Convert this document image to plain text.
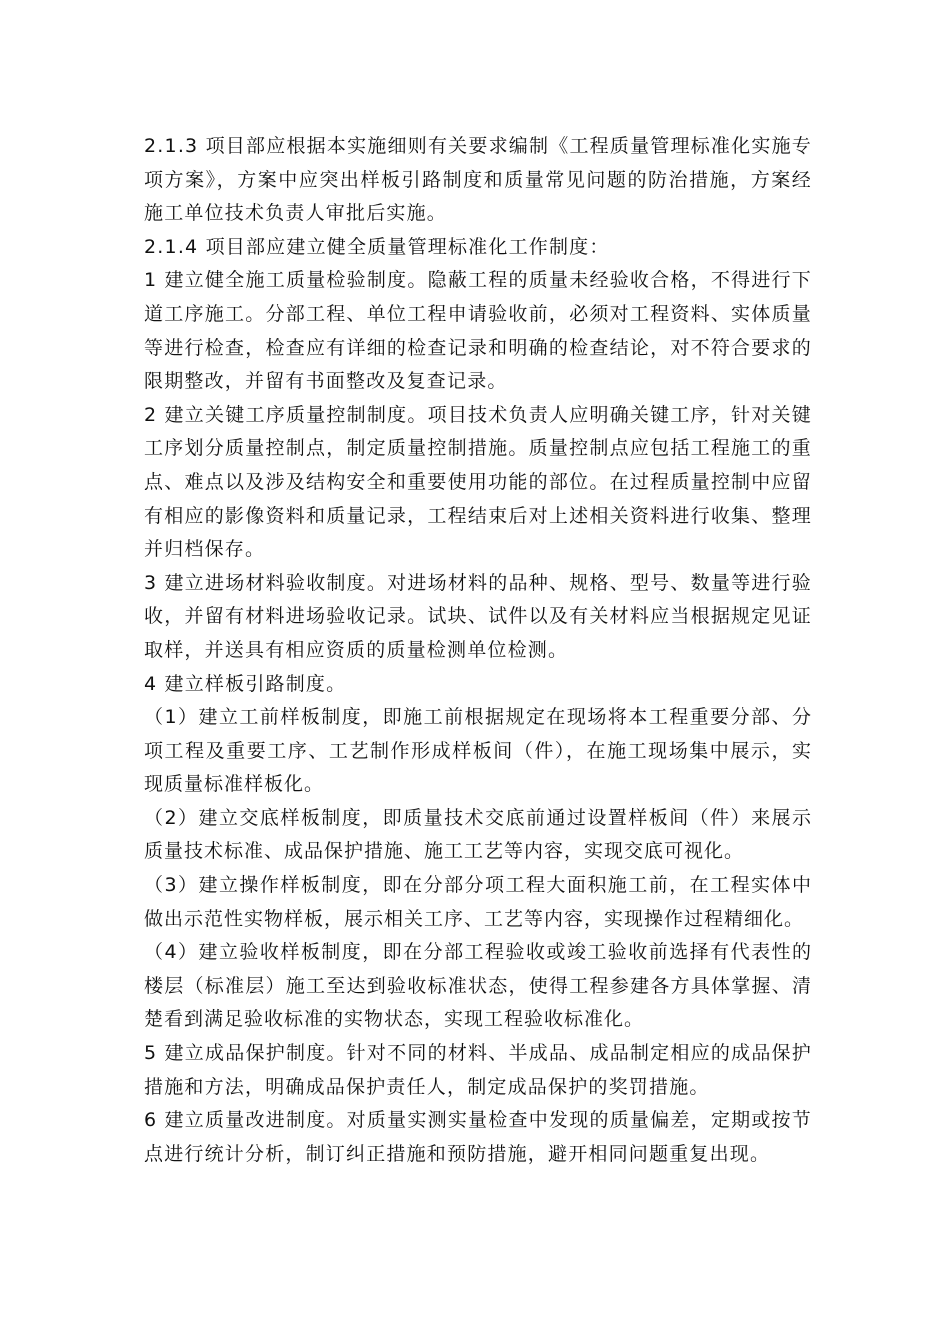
2.1.3 项目部应根据本实施细则有关要求编制《工程质量管理标准化实施专项方案》，方案中应突出样板引路制度和质量常见问题的防治措施，方案经施工单位技术负责人审批后实施。

2.1.4 项目部应建立健全质量管理标准化工作制度：

1 建立健全施工质量检验制度。隐蔽工程的质量未经验收合格，不得进行下道工序施工。分部工程、单位工程申请验收前，必须对工程资料、实体质量等进行检查，检查应有详细的检查记录和明确的检查结论，对不符合要求的限期整改，并留有书面整改及复查记录。

2 建立关键工序质量控制制度。项目技术负责人应明确关键工序，针对关键工序划分质量控制点，制定质量控制措施。质量控制点应包括工程施工的重点、难点以及涉及结构安全和重要使用功能的部位。在过程质量控制中应留有相应的影像资料和质量记录，工程结束后对上述相关资料进行收集、整理并归档保存。

3 建立进场材料验收制度。对进场材料的品种、规格、型号、数量等进行验收，并留有材料进场验收记录。试块、试件以及有关材料应当根据规定见证取样，并送具有相应资质的质量检测单位检测。

4 建立样板引路制度。

（1）建立工前样板制度，即施工前根据规定在现场将本工程重要分部、分项工程及重要工序、工艺制作形成样板间（件），在施工现场集中展示，实现质量标准样板化。

（2）建立交底样板制度，即质量技术交底前通过设置样板间（件）来展示质量技术标准、成品保护措施、施工工艺等内容，实现交底可视化。

（3）建立操作样板制度，即在分部分项工程大面积施工前，在工程实体中做出示范性实物样板，展示相关工序、工艺等内容，实现操作过程精细化。

（4）建立验收样板制度，即在分部工程验收或竣工验收前选择有代表性的楼层（标准层）施工至达到验收标准状态，使得工程参建各方具体掌握、清楚看到满足验收标准的实物状态，实现工程验收标准化。

5 建立成品保护制度。针对不同的材料、半成品、成品制定相应的成品保护措施和方法，明确成品保护责任人，制定成品保护的奖罚措施。

6 建立质量改进制度。对质量实测实量检查中发现的质量偏差，定期或按节点进行统计分析，制订纠正措施和预防措施，避开相同问题重复出现。
